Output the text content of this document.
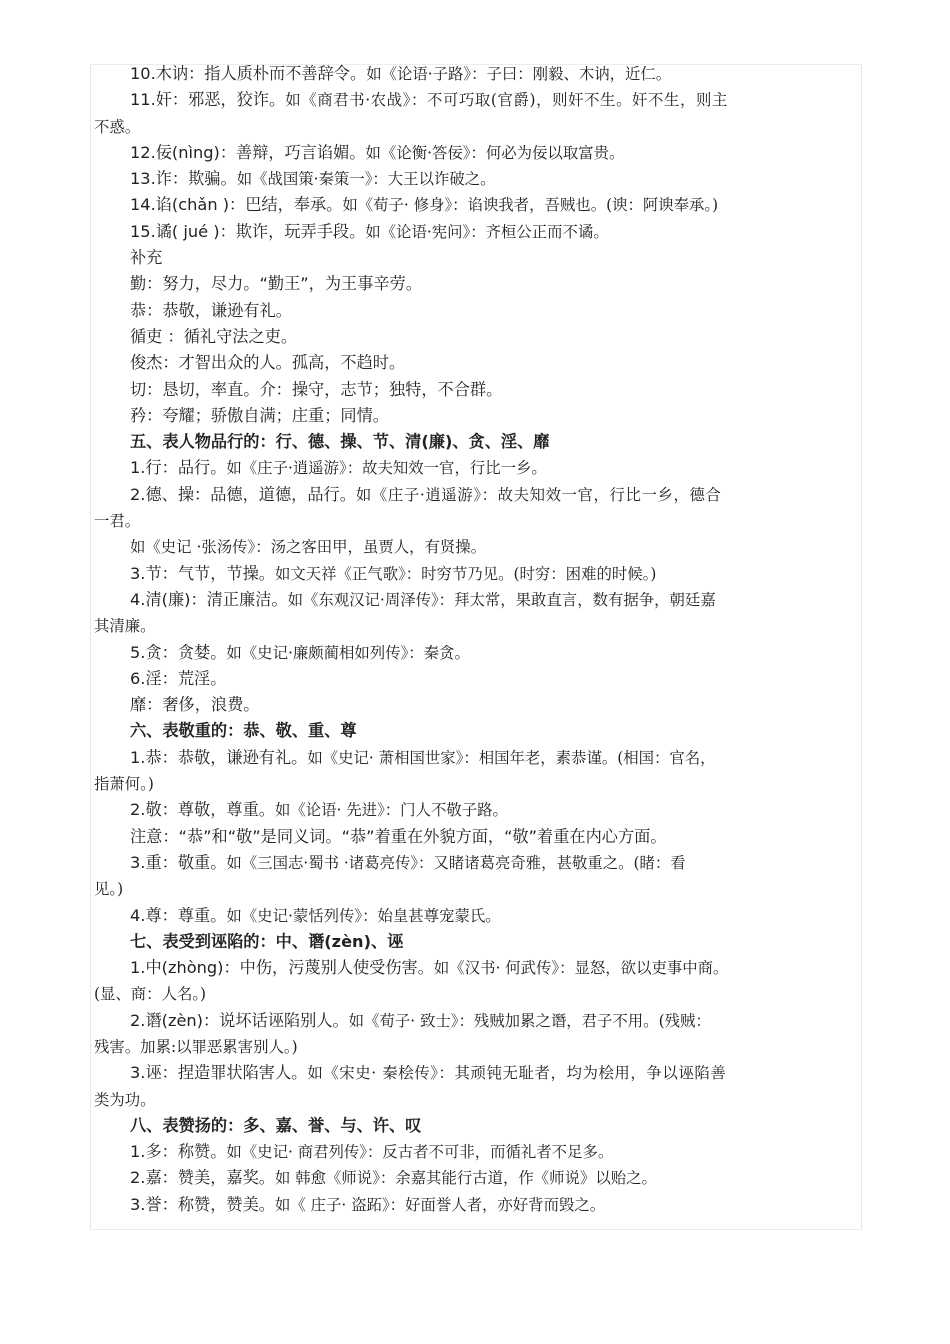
10.木讷：指人质朴而不善辞令。如《论语·子路》：子曰：刚毅、木讷，近仁。
11.奸：邪恶，狡诈。如《商君书·农战》：不可巧取(官爵)，则奸不生。奸不生，则主
不惑。
12.佞(nìng)：善辩，巧言谄媚。如《论衡·答佞》：何必为佞以取富贵。
13.诈：欺骗。如《战国策·秦策一》：大王以诈破之。
14.谄(chǎn )：巴结，奉承。如《荀子· 修身》：谄谀我者，吾贼也。(谀：阿谀奉承。)
15.谲( jué )：欺诈，玩弄手段。如《论语·宪问》：齐桓公正而不谲。
补充
勤：努力，尽力。“勤王”，为王事辛劳。
恭：恭敬，谦逊有礼。
循吏 ：循礼守法之吏。
俊杰：才智出众的人。孤高，不趋时。
切：恳切，率直。介：操守，志节；独特，不合群。
矜：夸耀；骄傲自满；庄重；同情。
五、表人物品行的：行、德、操、节、清(廉)、贪、淫、靡
1.行：品行。如《庄子·逍遥游》：故夫知效一官，行比一乡。
2.德、操：品德，道德，品行。如《庄子·逍遥游》：故夫知效一官，行比一乡，德合
一君。
如《史记 ·张汤传》：汤之客田甲，虽贾人，有贤操。
3.节：气节，节操。如文天祥《正气歌》：时穷节乃见。(时穷：困难的时候。)
4.清(廉)：清正廉洁。如《东观汉记·周泽传》：拜太常，果敢直言，数有据争，朝廷嘉
其清廉。
5.贪：贪婪。如《史记·廉颇蔺相如列传》：秦贪。
6.淫：荒淫。
靡：奢侈，浪费。
六、表敬重的：恭、敬、重、尊
1.恭：恭敬，谦逊有礼。如《史记· 萧相国世家》：相国年老，素恭谨。(相国：官名，
指萧何。)
2.敬：尊敬，尊重。如《论语· 先进》：门人不敬子路。
注意：“恭”和“敬”是同义词。“恭”着重在外貌方面，“敬”着重在内心方面。
3.重：敬重。如《三国志·蜀书 ·诸葛亮传》：又睹诸葛亮奇雅，甚敬重之。(睹：看
见。)
4.尊：尊重。如《史记·蒙恬列传》：始皇甚尊宠蒙氏。
七、表受到诬陷的：中、谮(zèn)、诬
1.中(zhòng)：中伤，污蔑别人使受伤害。如《汉书· 何武传》：显怒，欲以吏事中商。
(显、商：人名。)
2.谮(zèn)：说坏话诬陷别人。如《荀子· 致士》：残贼加累之谮，君子不用。(残贼：
残害。加累:以罪恶累害别人。)
3.诬：捏造罪状陷害人。如《宋史· 秦桧传》：其顽钝无耻者，均为桧用，争以诬陷善
类为功。
八、表赞扬的：多、嘉、誉、与、许、叹
1.多：称赞。如《史记· 商君列传》：反古者不可非，而循礼者不足多。
2.嘉：赞美，嘉奖。如 韩愈《师说》：余嘉其能行古道，作《师说》以贻之。
3.誉：称赞，赞美。如《 庄子· 盗跖》：好面誉人者，亦好背而毁之。
